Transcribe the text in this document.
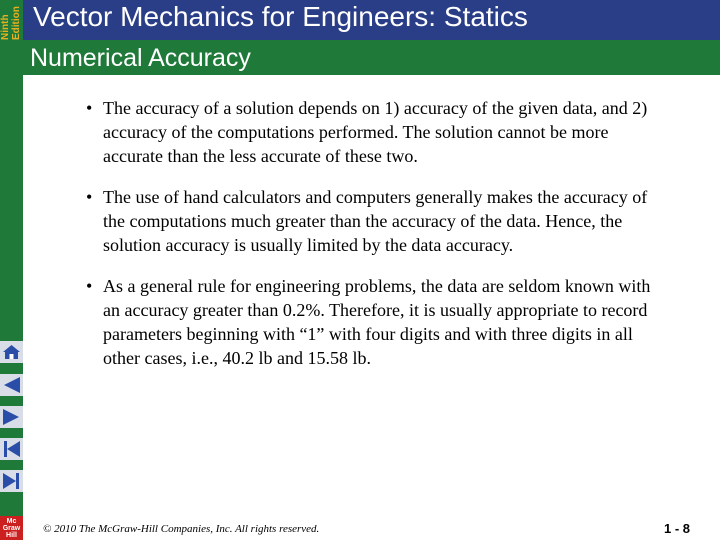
Ninth
Edition Vector Mechanics for Engineers: Statics
Numerical Accuracy
• The accuracy of a solution depends on 1) accuracy of the given data, and 2) accuracy of the computations performed. The solution cannot be more accurate than the less accurate of these two.
• The use of hand calculators and computers generally makes the accuracy of the computations much greater than the accuracy of the data. Hence, the solution accuracy is usually limited by the data accuracy.
• As a general rule for engineering problems, the data are seldom known with an accuracy greater than 0.2%. Therefore, it is usually appropriate to record parameters beginning with “1” with four digits and with three digits in all other cases, i.e., 40.2 lb and 15.58 lb.
Mc
Graw
Hill
© 2010 The McGraw-Hill Companies, Inc. All rights reserved.	1 - 8
